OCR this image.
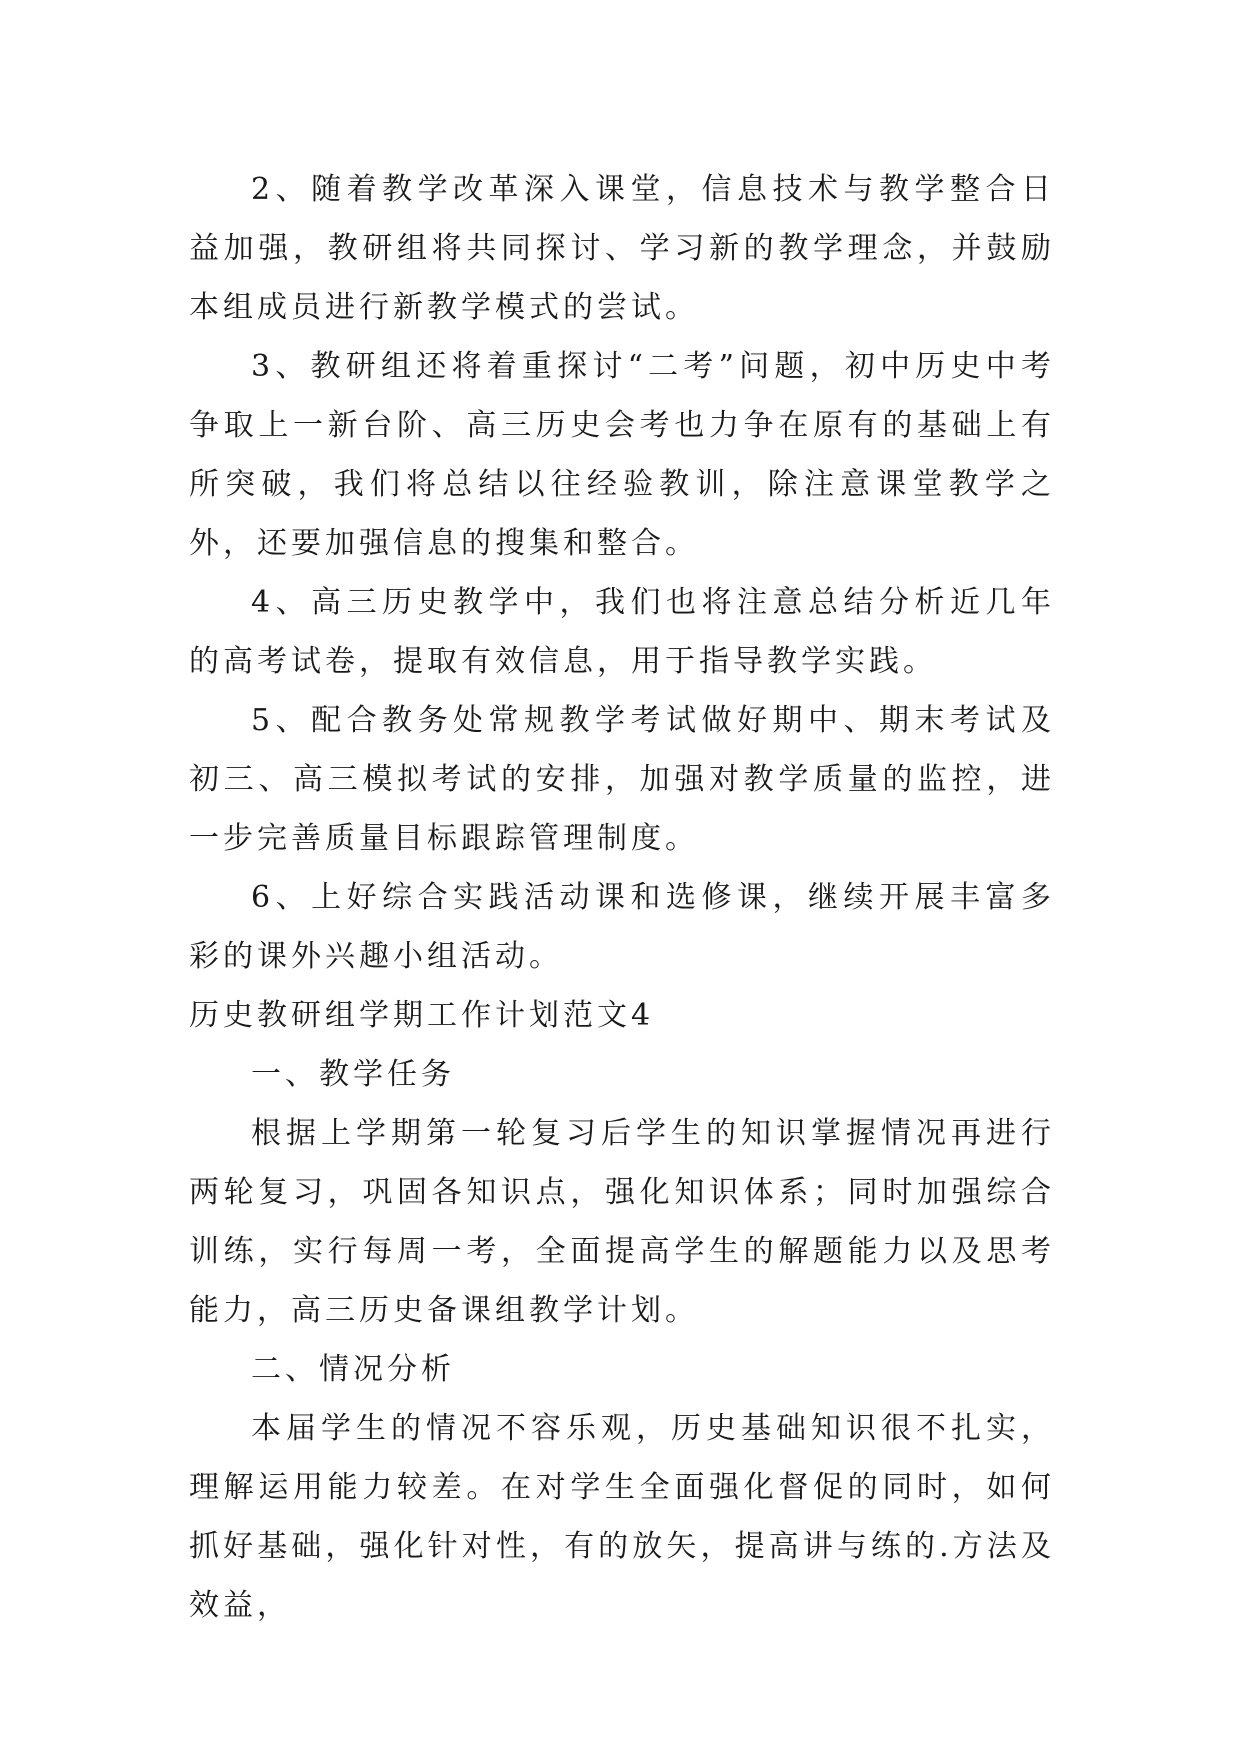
2、随着教学改革深入课堂，信息技术与教学整合日益加强，教研组将共同探讨、学习新的教学理念，并鼓励本组成员进行新教学模式的尝试。

3、教研组还将着重探讨“二考”问题，初中历史中考争取上一新台阶、高三历史会考也力争在原有的基础上有所突破，我们将总结以往经验教训，除注意课堂教学之外，还要加强信息的搜集和整合。

4、高三历史教学中，我们也将注意总结分析近几年的高考试卷，提取有效信息，用于指导教学实践。

5、配合教务处常规教学考试做好期中、期末考试及初三、高三模拟考试的安排，加强对教学质量的监控，进一步完善质量目标跟踪管理制度。

6、上好综合实践活动课和选修课，继续开展丰富多彩的课外兴趣小组活动。

历史教研组学期工作计划范文4

一、教学任务

根据上学期第一轮复习后学生的知识掌握情况再进行两轮复习，巩固各知识点，强化知识体系；同时加强综合训练，实行每周一考，全面提高学生的解题能力以及思考能力，高三历史备课组教学计划。

二、情况分析

本届学生的情况不容乐观，历史基础知识很不扎实，理解运用能力较差。在对学生全面强化督促的同时，如何抓好基础，强化针对性，有的放矢，提高讲与练的.方法及效益，
